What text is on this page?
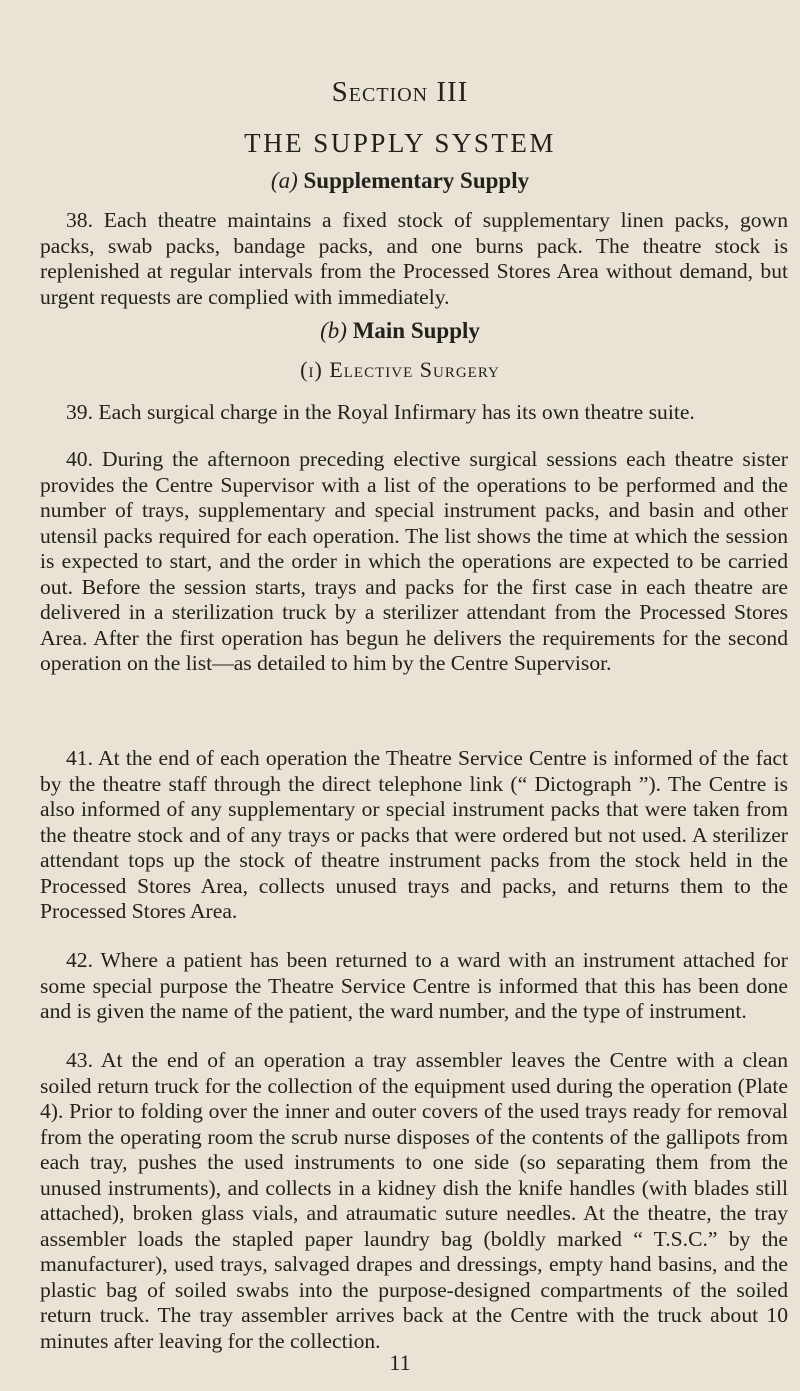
Section III
THE SUPPLY SYSTEM
(a) Supplementary Supply

38. Each theatre maintains a fixed stock of supplementary linen packs, gown packs, swab packs, bandage packs, and one burns pack. The theatre stock is replenished at regular intervals from the Processed Stores Area without demand, but urgent requests are complied with immediately.

(b) Main Supply
(i) Elective Surgery

39. Each surgical charge in the Royal Infirmary has its own theatre suite.

40. During the afternoon preceding elective surgical sessions each theatre sister provides the Centre Supervisor with a list of the operations to be performed and the number of trays, supplementary and special instrument packs, and basin and other utensil packs required for each operation. The list shows the time at which the session is expected to start, and the order in which the operations are expected to be carried out. Before the session starts, trays and packs for the first case in each theatre are delivered in a sterilization truck by a sterilizer attendant from the Processed Stores Area. After the first operation has begun he delivers the requirements for the second operation on the list—as detailed to him by the Centre Supervisor.

41. At the end of each operation the Theatre Service Centre is informed of the fact by the theatre staff through the direct telephone link (“ Dictograph ”). The Centre is also informed of any supplementary or special instrument packs that were taken from the theatre stock and of any trays or packs that were ordered but not used. A sterilizer attendant tops up the stock of theatre instrument packs from the stock held in the Processed Stores Area, collects unused trays and packs, and returns them to the Processed Stores Area.

42. Where a patient has been returned to a ward with an instrument attached for some special purpose the Theatre Service Centre is informed that this has been done and is given the name of the patient, the ward number, and the type of instrument.

43. At the end of an operation a tray assembler leaves the Centre with a clean soiled return truck for the collection of the equipment used during the operation (Plate 4). Prior to folding over the inner and outer covers of the used trays ready for removal from the operating room the scrub nurse disposes of the contents of the gallipots from each tray, pushes the used instruments to one side (so separating them from the unused instruments), and collects in a kidney dish the knife handles (with blades still attached), broken glass vials, and atraumatic suture needles. At the theatre, the tray assembler loads the stapled paper laundry bag (boldly marked “ T.S.C.” by the manufacturer), used trays, salvaged drapes and dressings, empty hand basins, and the plastic bag of soiled swabs into the purpose-designed compartments of the soiled return truck. The tray assembler arrives back at the Centre with the truck about 10 minutes after leaving for the collection.

11
